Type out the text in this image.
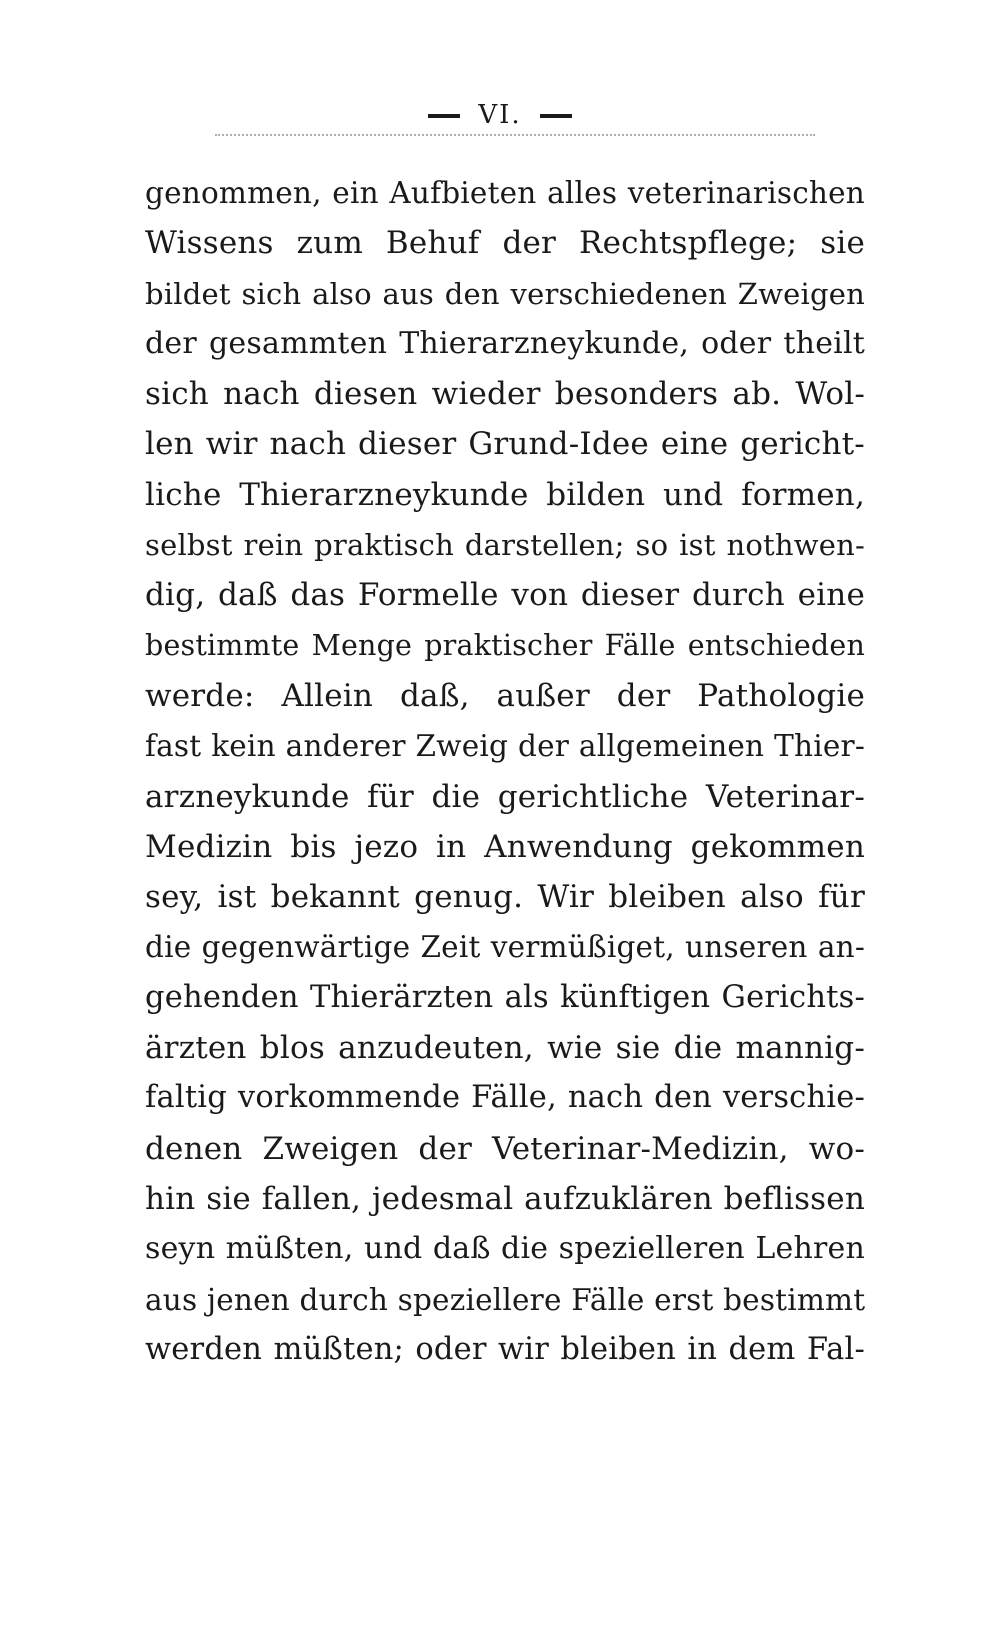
VI.
genommen, ein Aufbieten alles veterinarischen
Wissens zum Behuf der Rechtspflege; sie
bildet sich also aus den verschiedenen Zweigen
der gesammten Thierarzneykunde, oder theilt
sich nach diesen wieder besonders ab. Wol-
len wir nach dieser Grund-Idee eine gericht-
liche Thierarzneykunde bilden und formen,
selbst rein praktisch darstellen; so ist nothwen-
dig, daß das Formelle von dieser durch eine
bestimmte Menge praktischer Fälle entschieden
werde: Allein daß, außer der Pathologie
fast kein anderer Zweig der allgemeinen Thier-
arzneykunde für die gerichtliche Veterinar-
Medizin bis jezo in Anwendung gekommen
sey, ist bekannt genug. Wir bleiben also für
die gegenwärtige Zeit vermüßiget, unseren an-
gehenden Thierärzten als künftigen Gerichts-
ärzten blos anzudeuten, wie sie die mannig-
faltig vorkommende Fälle, nach den verschie-
denen Zweigen der Veterinar-Medizin, wo-
hin sie fallen, jedesmal aufzuklären beflissen
seyn müßten, und daß die spezielleren Lehren
aus jenen durch speziellere Fälle erst bestimmt
werden müßten; oder wir bleiben in dem Fal-
